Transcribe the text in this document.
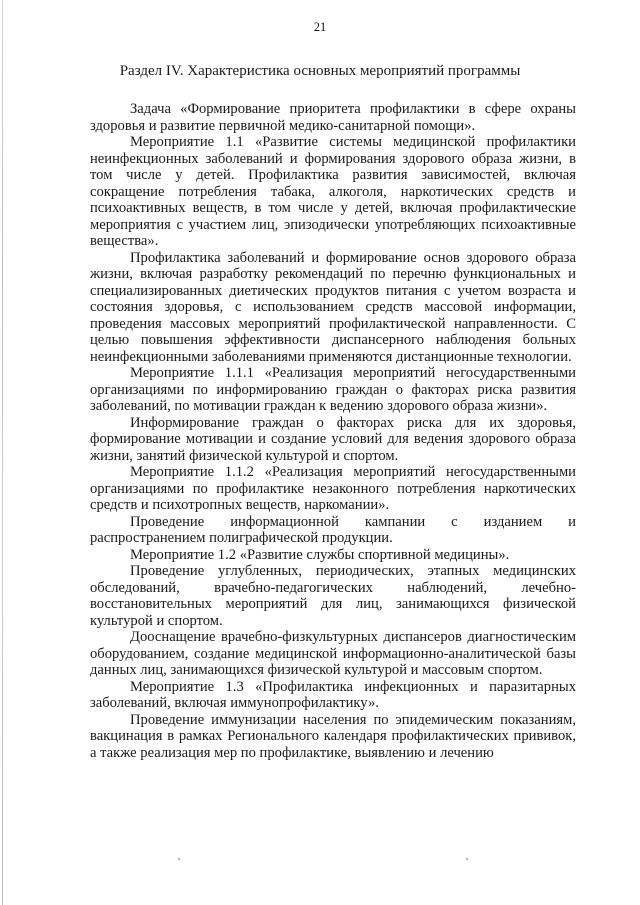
21
Раздел IV. Характеристика основных мероприятий программы

Задача «Формирование приоритета профилактики в сфере охраны здоровья и развитие первичной медико-санитарной помощи».

Мероприятие 1.1 «Развитие системы медицинской профилактики неинфекционных заболеваний и формирования здорового образа жизни, в том числе у детей. Профилактика развития зависимостей, включая сокращение потребления табака, алкоголя, наркотических средств и психоактивных веществ, в том числе у детей, включая профилактические мероприятия с участием лиц, эпизодически употребляющих психоактивные вещества».

Профилактика заболеваний и формирование основ здорового образа жизни, включая разработку рекомендаций по перечню функциональных и специализированных диетических продуктов питания с учетом возраста и состояния здоровья, с использованием средств массовой информации, проведения массовых мероприятий профилактической направленности. С целью повышения эффективности диспансерного наблюдения больных неинфекционными заболеваниями применяются дистанционные технологии.

Мероприятие 1.1.1 «Реализация мероприятий негосударственными организациями по информированию граждан о факторах риска развития заболеваний, по мотивации граждан к ведению здорового образа жизни».

Информирование граждан о факторах риска для их здоровья, формирование мотивации и создание условий для ведения здорового образа жизни, занятий физической культурой и спортом.

Мероприятие 1.1.2 «Реализация мероприятий негосударственными организациями по профилактике незаконного потребления наркотических средств и психотропных веществ, наркомании».

Проведение информационной кампании с изданием и распространением полиграфической продукции.

Мероприятие 1.2 «Развитие службы спортивной медицины».

Проведение углубленных, периодических, этапных медицинских обследований, врачебно-педагогических наблюдений, лечебно-восстановительных мероприятий для лиц, занимающихся физической культурой и спортом.

Дооснащение врачебно-физкультурных диспансеров диагностическим оборудованием, создание медицинской информационно-аналитической базы данных лиц, занимающихся физической культурой и массовым спортом.

Мероприятие 1.3 «Профилактика инфекционных и паразитарных заболеваний, включая иммунопрофилактику».

Проведение иммунизации населения по эпидемическим показаниям, вакцинация в рамках Регионального календаря профилактических прививок, а также реализация мер по профилактике, выявлению и лечению
